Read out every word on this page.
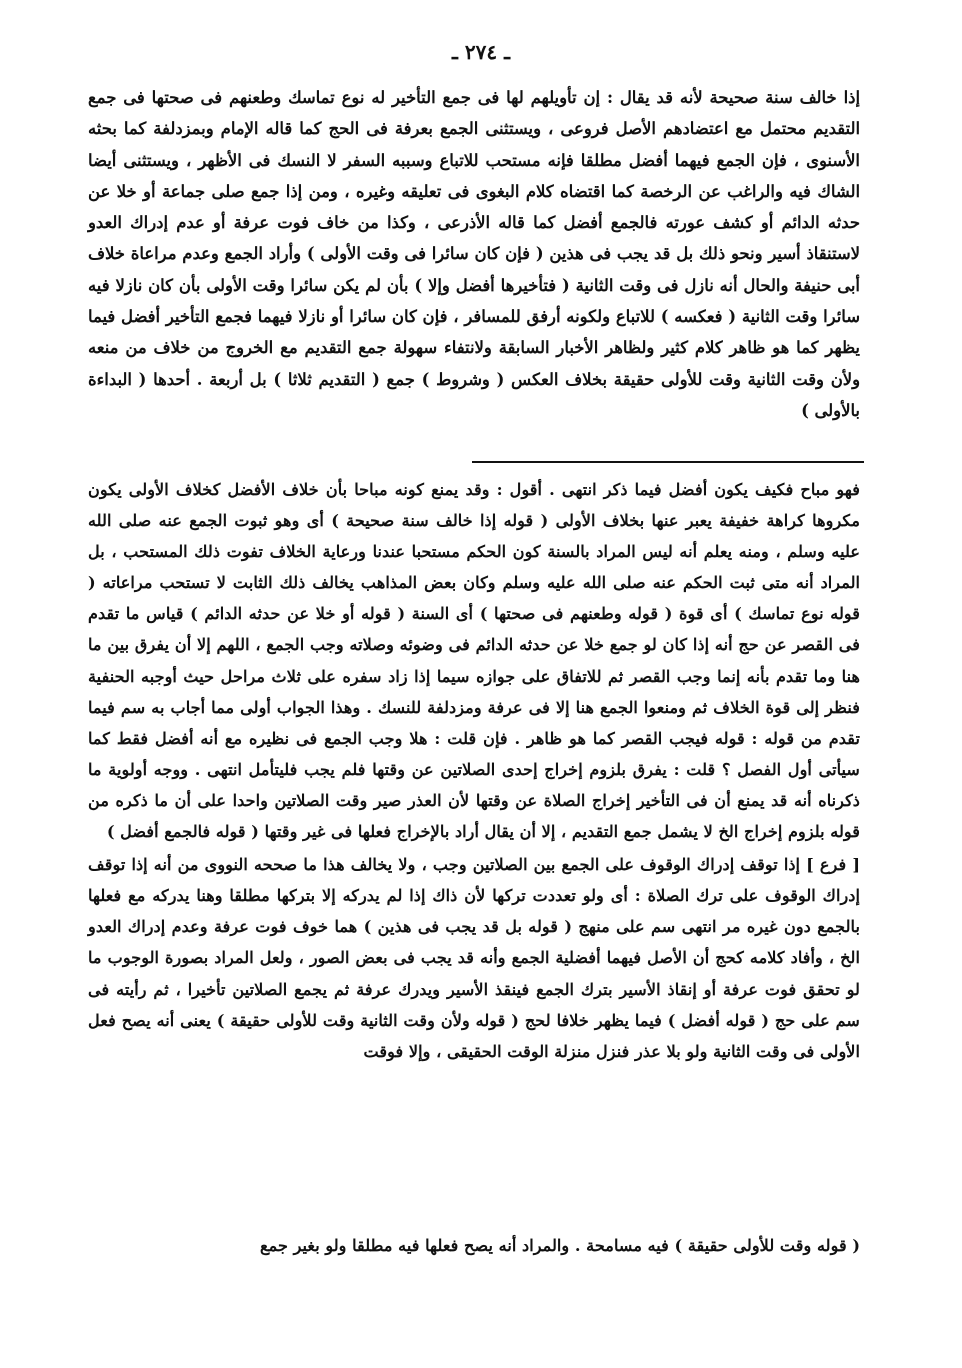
ـ ٢٧٤ ـ

إذا خالف سنة صحيحة لأنه قد يقال : إن تأويلهم لها فى جمع التأخير له نوع تماسك وطعنهم فى صحتها فى جمع التقديم محتمل مع اعتضادهم الأصل فروعى ، ويستثنى الجمع بعرفة فى الحج كما قاله الإمام وبمزدلفة كما بحثه الأسنوى ، فإن الجمع فيهما أفضل مطلقا فإنه مستحب للاتباع وسببه السفر لا النسك فى الأظهر ، ويستثنى أيضا الشاك فيه والراغب عن الرخصة كما اقتضاه كلام البغوى فى تعليقه وغيره ، ومن إذا جمع صلى جماعة أو خلا عن حدثه الدائم أو كشف عورته فالجمع أفضل كما قاله الأذرعى ، وكذا من خاف فوت عرفة أو عدم إدراك العدو لاستنقاذ أسير ونحو ذلك بل قد يجب فى هذين ( فإن كان سائرا فى وقت الأولى ) وأراد الجمع وعدم مراعاة خلاف أبى حنيفة والحال أنه نازل فى وقت الثانية ( فتأخيرها أفضل وإلا ) بأن لم يكن سائرا وقت الأولى بأن كان نازلا فيه سائرا وقت الثانية ( فعكسه ) للاتباع ولكونه أرفق للمسافر ، فإن كان سائرا أو نازلا فيهما فجمع التأخير أفضل فيما يظهر كما هو ظاهر كلام كثير ولظاهر الأخبار السابقة ولانتفاء سهولة جمع التقديم مع الخروج من خلاف من منعه ولأن وقت الثانية وقت للأولى حقيقة بخلاف العكس ( وشروط ) جمع ( التقديم ثلاثا ) بل أربعة . أحدها ( البداءة بالأولى )

فهو مباح فكيف يكون أفضل فيما ذكر انتهى . أقول : وقد يمنع كونه مباحا بأن خلاف الأفضل كخلاف الأولى يكون مكروها كراهة خفيفة يعبر عنها بخلاف الأولى ( قوله إذا خالف سنة صحيحة ) أى وهو ثبوت الجمع عنه صلى الله عليه وسلم ، ومنه يعلم أنه ليس المراد بالسنة كون الحكم مستحبا عندنا ورعاية الخلاف تفوت ذلك المستحب ، بل المراد أنه متى ثبت الحكم عنه صلى الله عليه وسلم وكان بعض المذاهب يخالف ذلك الثابت لا تستحب مراعاته ( قوله نوع تماسك ) أى قوة ( قوله وطعنهم فى صحتها ) أى السنة ( قوله أو خلا عن حدثه الدائم ) قياس ما تقدم فى القصر عن حج أنه إذا كان لو جمع خلا عن حدثه الدائم فى وضوئه وصلاته وجب الجمع ، اللهم إلا أن يفرق بين ما هنا وما تقدم بأنه إنما وجب القصر ثم للاتفاق على جوازه سيما إذا زاد سفره على ثلاث مراحل حيث أوجبه الحنفية فنظر إلى قوة الخلاف ثم ومنعوا الجمع هنا إلا فى عرفة ومزدلفة للنسك . وهذا الجواب أولى مما أجاب به سم فيما تقدم من قوله : قوله فيجب القصر كما هو ظاهر . فإن قلت : هلا وجب الجمع فى نظيره مع أنه أفضل فقط كما سيأتى أول الفصل ؟ قلت : يفرق بلزوم إخراج إحدى الصلاتين عن وقتها فلم يجب فليتأمل انتهى . ووجه أولوية ما ذكرناه أنه قد يمنع أن فى التأخير إخراج الصلاة عن وقتها لأن العذر صير وقت الصلاتين واحدا على أن ما ذكره من قوله بلزوم إخراج الخ لا يشمل جمع التقديم ، إلا أن يقال أراد بالإخراج فعلها فى غير وقتها ( قوله فالجمع أفضل )

[ فرع ] إذا توقف إدراك الوقوف على الجمع بين الصلاتين وجب ، ولا يخالف هذا ما صححه النووى من أنه إذا توقف إدراك الوقوف على ترك الصلاة : أى ولو تعددت تركها لأن ذاك إذا لم يدركه إلا بتركها مطلقا وهنا يدركه مع فعلها بالجمع دون غيره مر انتهى سم على منهج ( قوله بل قد يجب فى هذين ) هما خوف فوت عرفة وعدم إدراك العدو الخ ، وأفاد كلامه كحج أن الأصل فيهما أفضلية الجمع وأنه قد يجب فى بعض الصور ، ولعل المراد بصورة الوجوب ما لو تحقق فوت عرفة أو إنقاذ الأسير بترك الجمع فينقذ الأسير ويدرك عرفة ثم يجمع الصلاتين تأخيرا ، ثم رأيته فى سم على حج ( قوله أفضل ) فيما يظهر خلافا لحج ( قوله ولأن وقت الثانية وقت للأولى حقيقة ) يعنى أنه يصح فعل الأولى فى وقت الثانية ولو بلا عذر فنزل منزلة الوقت الحقيقى ، وإلا فوقت

( قوله وقت للأولى حقيقة ) فيه مسامحة . والمراد أنه يصح فعلها فيه مطلقا ولو بغير جمع
